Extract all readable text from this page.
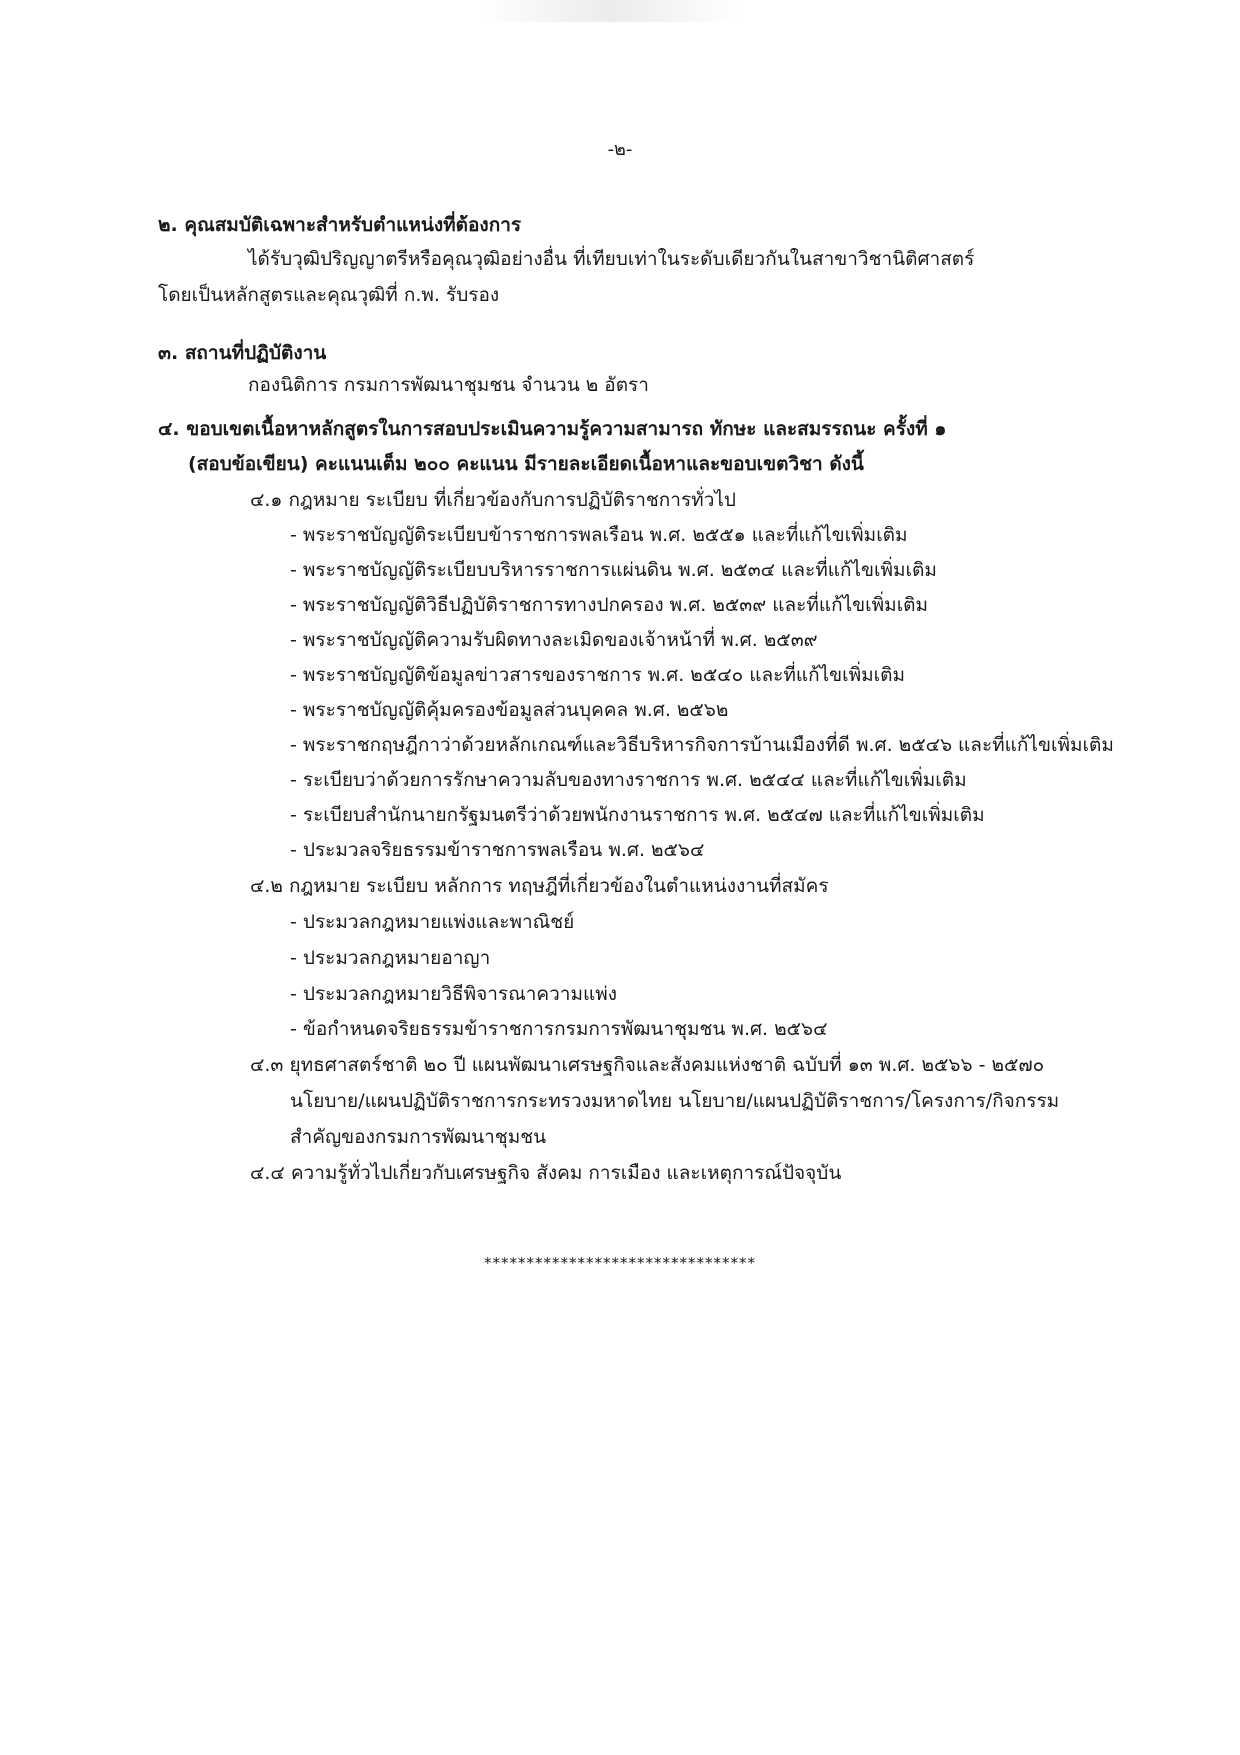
-๒-
๒. คุณสมบัติเฉพาะสำหรับตำแหน่งที่ต้องการ
ได้รับวุฒิปริญญาตรีหรือคุณวุฒิอย่างอื่น ที่เทียบเท่าในระดับเดียวกันในสาขาวิชานิติศาสตร์
โดยเป็นหลักสูตรและคุณวุฒิที่ ก.พ. รับรอง
๓. สถานที่ปฏิบัติงาน
กองนิติการ กรมการพัฒนาชุมชน จำนวน ๒ อัตรา
๔. ขอบเขตเนื้อหาหลักสูตรในการสอบประเมินความรู้ความสามารถ ทักษะ และสมรรถนะ ครั้งที่ ๑
(สอบข้อเขียน) คะแนนเต็ม ๒๐๐ คะแนน มีรายละเอียดเนื้อหาและขอบเขตวิชา ดังนี้
๔.๑ กฎหมาย ระเบียบ ที่เกี่ยวข้องกับการปฏิบัติราชการทั่วไป
- พระราชบัญญัติระเบียบข้าราชการพลเรือน พ.ศ. ๒๕๕๑ และที่แก้ไขเพิ่มเติม
- พระราชบัญญัติระเบียบบริหารราชการแผ่นดิน พ.ศ. ๒๕๓๔ และที่แก้ไขเพิ่มเติม
- พระราชบัญญัติวิธีปฏิบัติราชการทางปกครอง พ.ศ. ๒๕๓๙ และที่แก้ไขเพิ่มเติม
- พระราชบัญญัติความรับผิดทางละเมิดของเจ้าหน้าที่ พ.ศ. ๒๕๓๙
- พระราชบัญญัติข้อมูลข่าวสารของราชการ พ.ศ. ๒๕๔๐ และที่แก้ไขเพิ่มเติม
- พระราชบัญญัติคุ้มครองข้อมูลส่วนบุคคล พ.ศ. ๒๕๖๒
- พระราชกฤษฎีกาว่าด้วยหลักเกณฑ์และวิธีบริหารกิจการบ้านเมืองที่ดี พ.ศ. ๒๕๔๖ และที่แก้ไขเพิ่มเติม
- ระเบียบว่าด้วยการรักษาความลับของทางราชการ พ.ศ. ๒๕๔๔ และที่แก้ไขเพิ่มเติม
- ระเบียบสำนักนายกรัฐมนตรีว่าด้วยพนักงานราชการ พ.ศ. ๒๕๔๗ และที่แก้ไขเพิ่มเติม
- ประมวลจริยธรรมข้าราชการพลเรือน พ.ศ. ๒๕๖๔
๔.๒ กฎหมาย ระเบียบ หลักการ ทฤษฎีที่เกี่ยวข้องในตำแหน่งงานที่สมัคร
- ประมวลกฎหมายแพ่งและพาณิชย์
- ประมวลกฎหมายอาญา
- ประมวลกฎหมายวิธีพิจารณาความแพ่ง
- ข้อกำหนดจริยธรรมข้าราชการกรมการพัฒนาชุมชน พ.ศ. ๒๕๖๔
๔.๓ ยุทธศาสตร์ชาติ ๒๐ ปี แผนพัฒนาเศรษฐกิจและสังคมแห่งชาติ ฉบับที่ ๑๓ พ.ศ. ๒๕๖๖ - ๒๕๗๐
นโยบาย/แผนปฏิบัติราชการกระทรวงมหาดไทย นโยบาย/แผนปฏิบัติราชการ/โครงการ/กิจกรรม
สำคัญของกรมการพัฒนาชุมชน
๔.๔ ความรู้ทั่วไปเกี่ยวกับเศรษฐกิจ สังคม การเมือง และเหตุการณ์ปัจจุบัน
********************************
